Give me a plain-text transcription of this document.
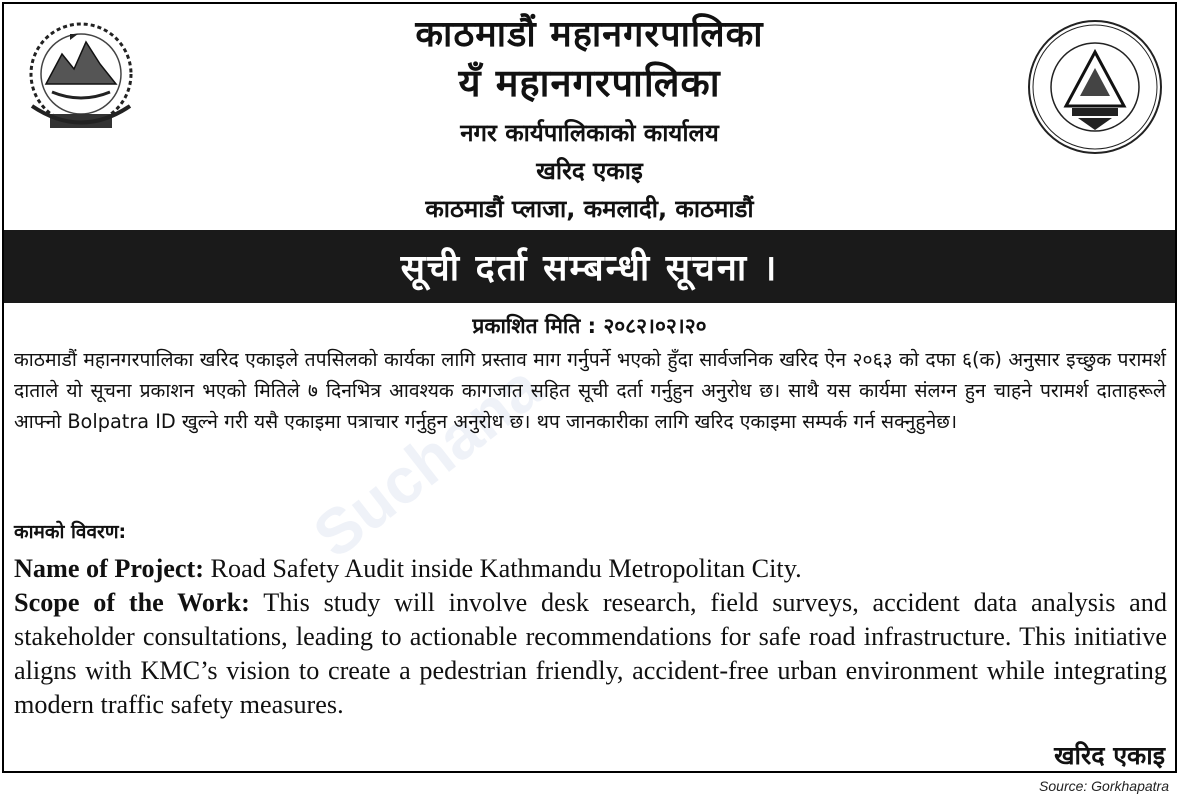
Suchana
काठमाडौं महानगरपालिका
यँ महानगरपालिका
नगर कार्यपालिकाको कार्यालय
खरिद एकाइ
काठमाडौं प्लाजा, कमलादी, काठमाडौं
सूची दर्ता सम्बन्धी सूचना ।
प्रकाशित मिति : २०८२।०२।२०
काठमाडौं महानगरपालिका खरिद एकाइले तपसिलको कार्यका लागि प्रस्ताव माग गर्नुपर्ने भएको हुँदा सार्वजनिक खरिद ऐन २०६३ को दफा ६(क) अनुसार इच्छुक परामर्श दाताले यो सूचना प्रकाशन भएको मितिले ७ दिनभित्र आवश्यक कागजात सहित सूची दर्ता गर्नुहुन अनुरोध छ। साथै यस कार्यमा संलग्न हुन चाहने परामर्श दाताहरूले आफ्नो Bolpatra ID खुल्ने गरी यसै एकाइमा पत्राचार गर्नुहुन अनुरोध छ। थप जानकारीका लागि खरिद एकाइमा सम्पर्क गर्न सक्नुहुनेछ।
कामको विवरण:

Name of Project: Road Safety Audit inside Kathmandu Metropolitan City.

Scope of the Work: This study will involve desk research, field surveys, accident data analysis and stakeholder consultations, leading to actionable recommendations for safe road infrastructure. This initiative aligns with KMC’s vision to create a pedestrian friendly, accident-free urban environment while integrating modern traffic safety measures.

खरिद एकाइ
Source: Gorkhapatra
